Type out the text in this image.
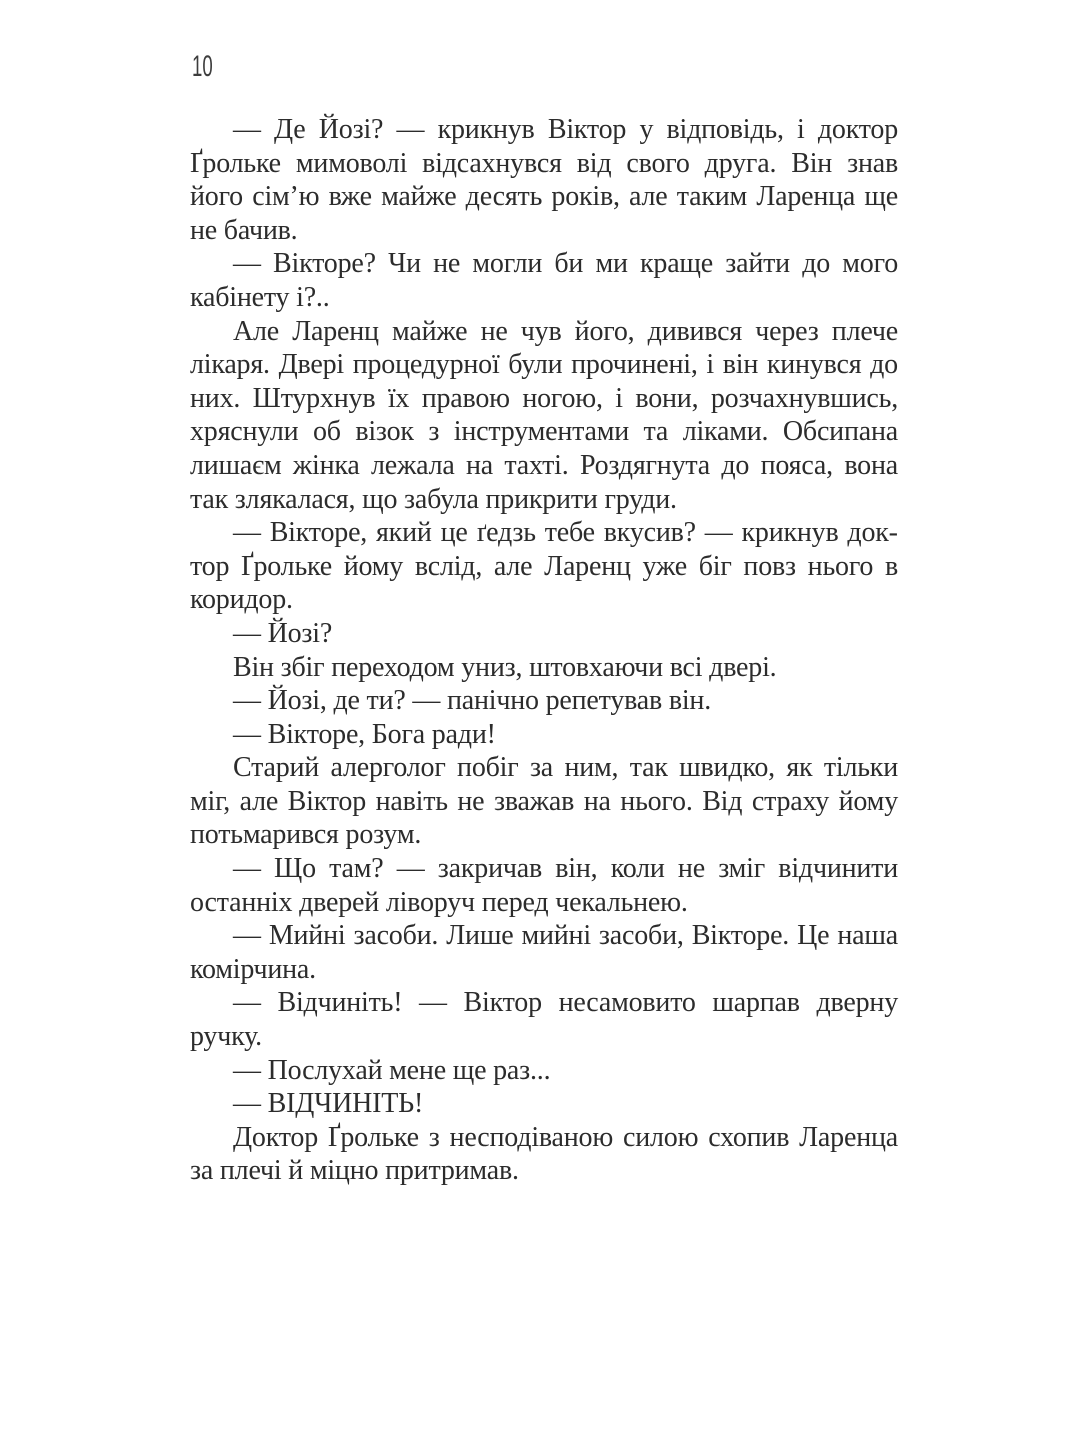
10

— Де Йозі? — крикнув Віктор у відповідь, і доктор Ґрольке мимоволі відсахнувся від свого друга. Він знав його сім’ю вже майже десять років, але таким Ларенца ще не бачив.

— Вікторе? Чи не могли би ми краще зайти до мого кабінету і?..

Але Ларенц майже не чув його, дивився через плече лікаря. Двері процедурної були прочинені, і він кинувся до них. Штурхнув їх правою ногою, і вони, розчахнувшись, хряснули об візок з інструментами та ліками. Обсипана лишаєм жінка лежала на тахті. Роздягнута до пояса, вона так злякалася, що забула прикрити груди.

— Вікторе, який це ґедзь тебе вкусив? — крикнув доктор Ґрольке йому вслід, але Ларенц уже біг повз нього в коридор.

— Йозі?

Він збіг переходом униз, штовхаючи всі двері.

— Йозі, де ти? — панічно репетував він.

— Вікторе, Бога ради!

Старий алерголог побіг за ним, так швидко, як тільки міг, але Віктор навіть не зважав на нього. Від страху йому потьмарився розум.

— Що там? — закричав він, коли не зміг відчинити останніх дверей ліворуч перед чекальнею.

— Мийні засоби. Лише мийні засоби, Вікторе. Це наша комірчина.

— Відчиніть! — Віктор несамовито шарпав дверну ручку.

— Послухай мене ще раз...

— ВІДЧИНІТЬ!

Доктор Ґрольке з несподіваною силою схопив Ларенца за плечі й міцно притримав.
